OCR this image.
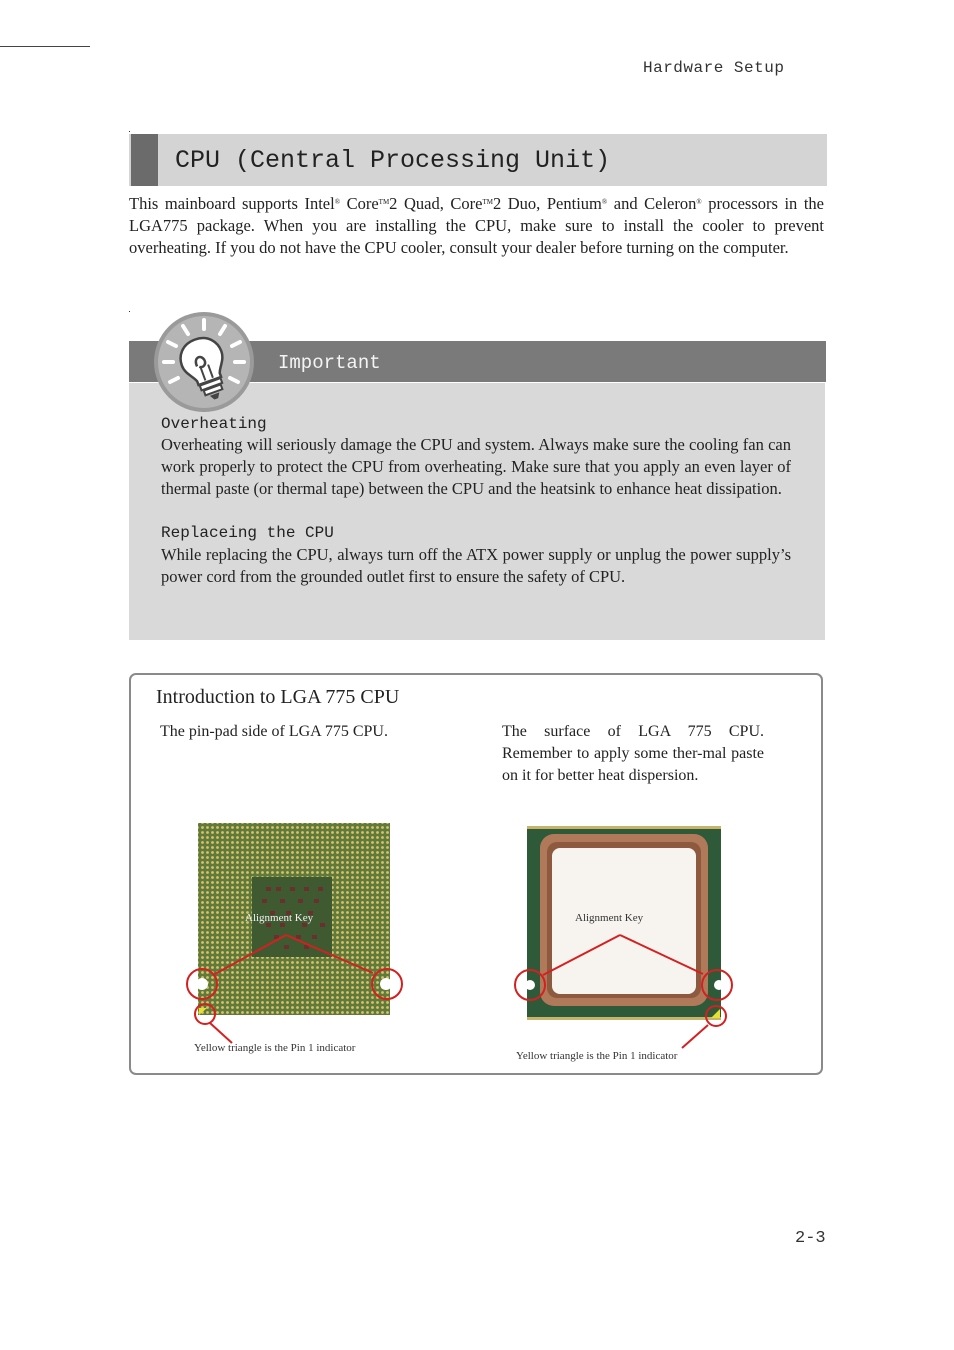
Hardware Setup
CPU (Central Processing Unit)
This mainboard supports Intel® Core™2 Quad, Core™2 Duo, Pentium® and Celeron® processors in the LGA775 package. When you are installing the CPU, make sure to install the cooler to prevent overheating. If you do not have the CPU cooler, consult your dealer before turning on the computer.
Important
Overheating
Overheating will seriously damage the CPU and system. Always make sure the cooling fan can work properly to protect the CPU from overheating. Make sure that you apply an even layer of thermal paste (or thermal tape) between the CPU and the heatsink to enhance heat dissipation.
Replaceing the CPU
While replacing the CPU, always turn off the ATX power supply or unplug the power supply’s power cord from the grounded outlet first to ensure the safety of CPU.
Introduction to LGA 775 CPU
The pin-pad side of LGA 775 CPU.	The surface of LGA 775 CPU. Remember to apply some ther-mal paste on it for better heat dispersion.
Alignment Key
Yellow triangle is the Pin 1 indicator
Alignment Key
Yellow triangle is the Pin 1 indicator
2-3
